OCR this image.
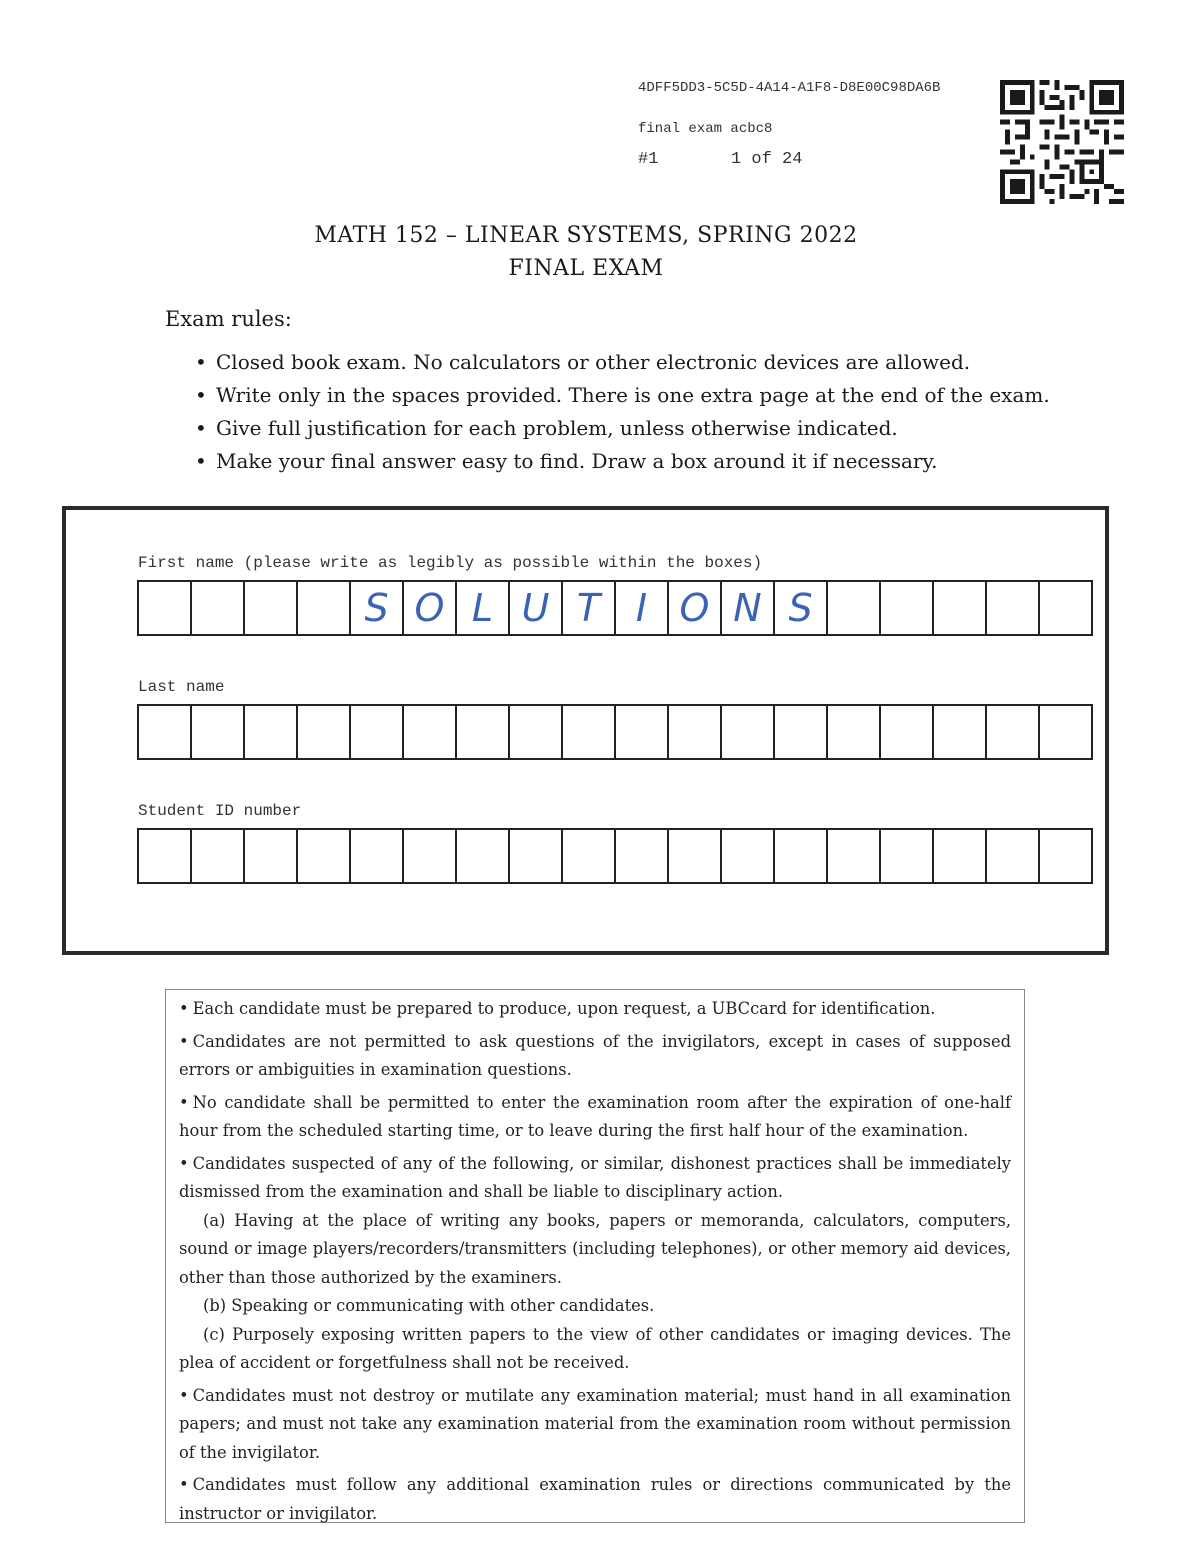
4DFF5DD3-5C5D-4A14-A1F8-D8E00C98DA6B
final exam acbc8
#1	1 of 24
MATH 152 – LINEAR SYSTEMS, SPRING 2022
FINAL EXAM
Exam rules:
• Closed book exam. No calculators or other electronic devices are allowed.
• Write only in the spaces provided. There is one extra page at the end of the exam.
• Give full justification for each problem, unless otherwise indicated.
• Make your final answer easy to find. Draw a box around it if necessary.
First name (please write as legibly as possible within the boxes)
S O L U T I O N S
Last name
Student ID number

• Each candidate must be prepared to produce, upon request, a UBCcard for identification.

• Candidates are not permitted to ask questions of the invigilators, except in cases of supposed errors or ambiguities in examination questions.

• No candidate shall be permitted to enter the examination room after the expiration of one-half hour from the scheduled starting time, or to leave during the first half hour of the examination.

• Candidates suspected of any of the following, or similar, dishonest practices shall be immediately dismissed from the examination and shall be liable to disciplinary action.

(a) Having at the place of writing any books, papers or memoranda, calculators, computers, sound or image players/recorders/transmitters (including telephones), or other memory aid devices, other than those authorized by the examiners.

(b) Speaking or communicating with other candidates.

(c) Purposely exposing written papers to the view of other candidates or imaging devices. The plea of accident or forgetfulness shall not be received.

• Candidates must not destroy or mutilate any examination material; must hand in all examination papers; and must not take any examination material from the examination room without permission of the invigilator.

• Candidates must follow any additional examination rules or directions communicated by the instructor or invigilator.
